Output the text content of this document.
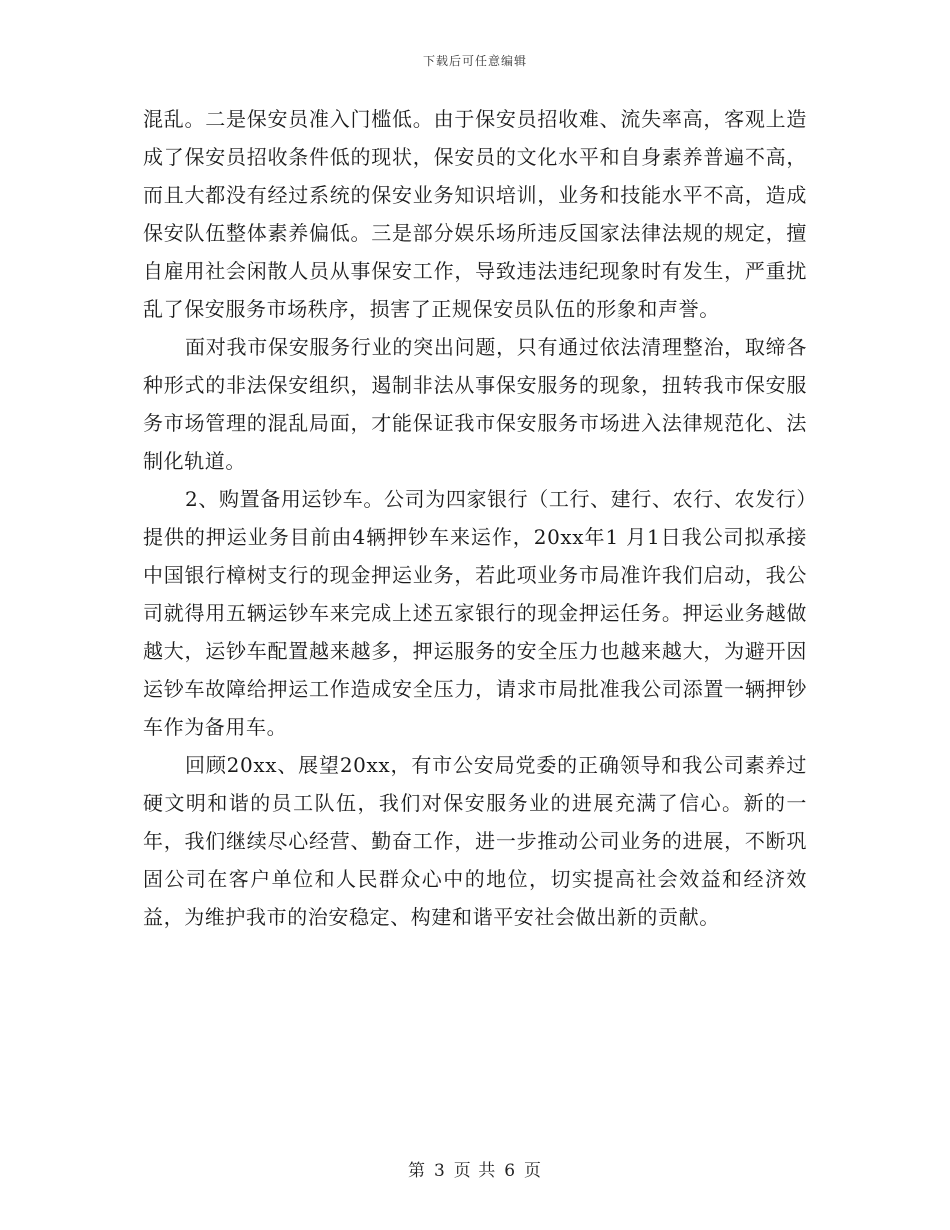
下载后可任意编辑

混乱。二是保安员准入门槛低。由于保安员招收难、流失率高，客观上造成了保安员招收条件低的现状，保安员的文化水平和自身素养普遍不高，而且大都没有经过系统的保安业务知识培训，业务和技能水平不高，造成保安队伍整体素养偏低。三是部分娱乐场所违反国家法律法规的规定，擅自雇用社会闲散人员从事保安工作，导致违法违纪现象时有发生，严重扰乱了保安服务市场秩序，损害了正规保安员队伍的形象和声誉。

面对我市保安服务行业的突出问题，只有通过依法清理整治，取缔各种形式的非法保安组织，遏制非法从事保安服务的现象，扭转我市保安服务市场管理的混乱局面，才能保证我市保安服务市场进入法律规范化、法制化轨道。

2、购置备用运钞车。公司为四家银行（工行、建行、农行、农发行）提供的押运业务目前由4辆押钞车来运作，20xx年1 月1日我公司拟承接中国银行樟树支行的现金押运业务，若此项业务市局准许我们启动，我公司就得用五辆运钞车来完成上述五家银行的现金押运任务。押运业务越做越大，运钞车配置越来越多，押运服务的安全压力也越来越大，为避开因运钞车故障给押运工作造成安全压力，请求市局批准我公司添置一辆押钞车作为备用车。

回顾20xx、展望20xx，有市公安局党委的正确领导和我公司素养过硬文明和谐的员工队伍，我们对保安服务业的进展充满了信心。新的一年，我们继续尽心经营、勤奋工作，进一步推动公司业务的进展，不断巩固公司在客户单位和人民群众心中的地位，切实提高社会效益和经济效益，为维护我市的治安稳定、构建和谐平安社会做出新的贡献。

第 3 页 共 6 页
